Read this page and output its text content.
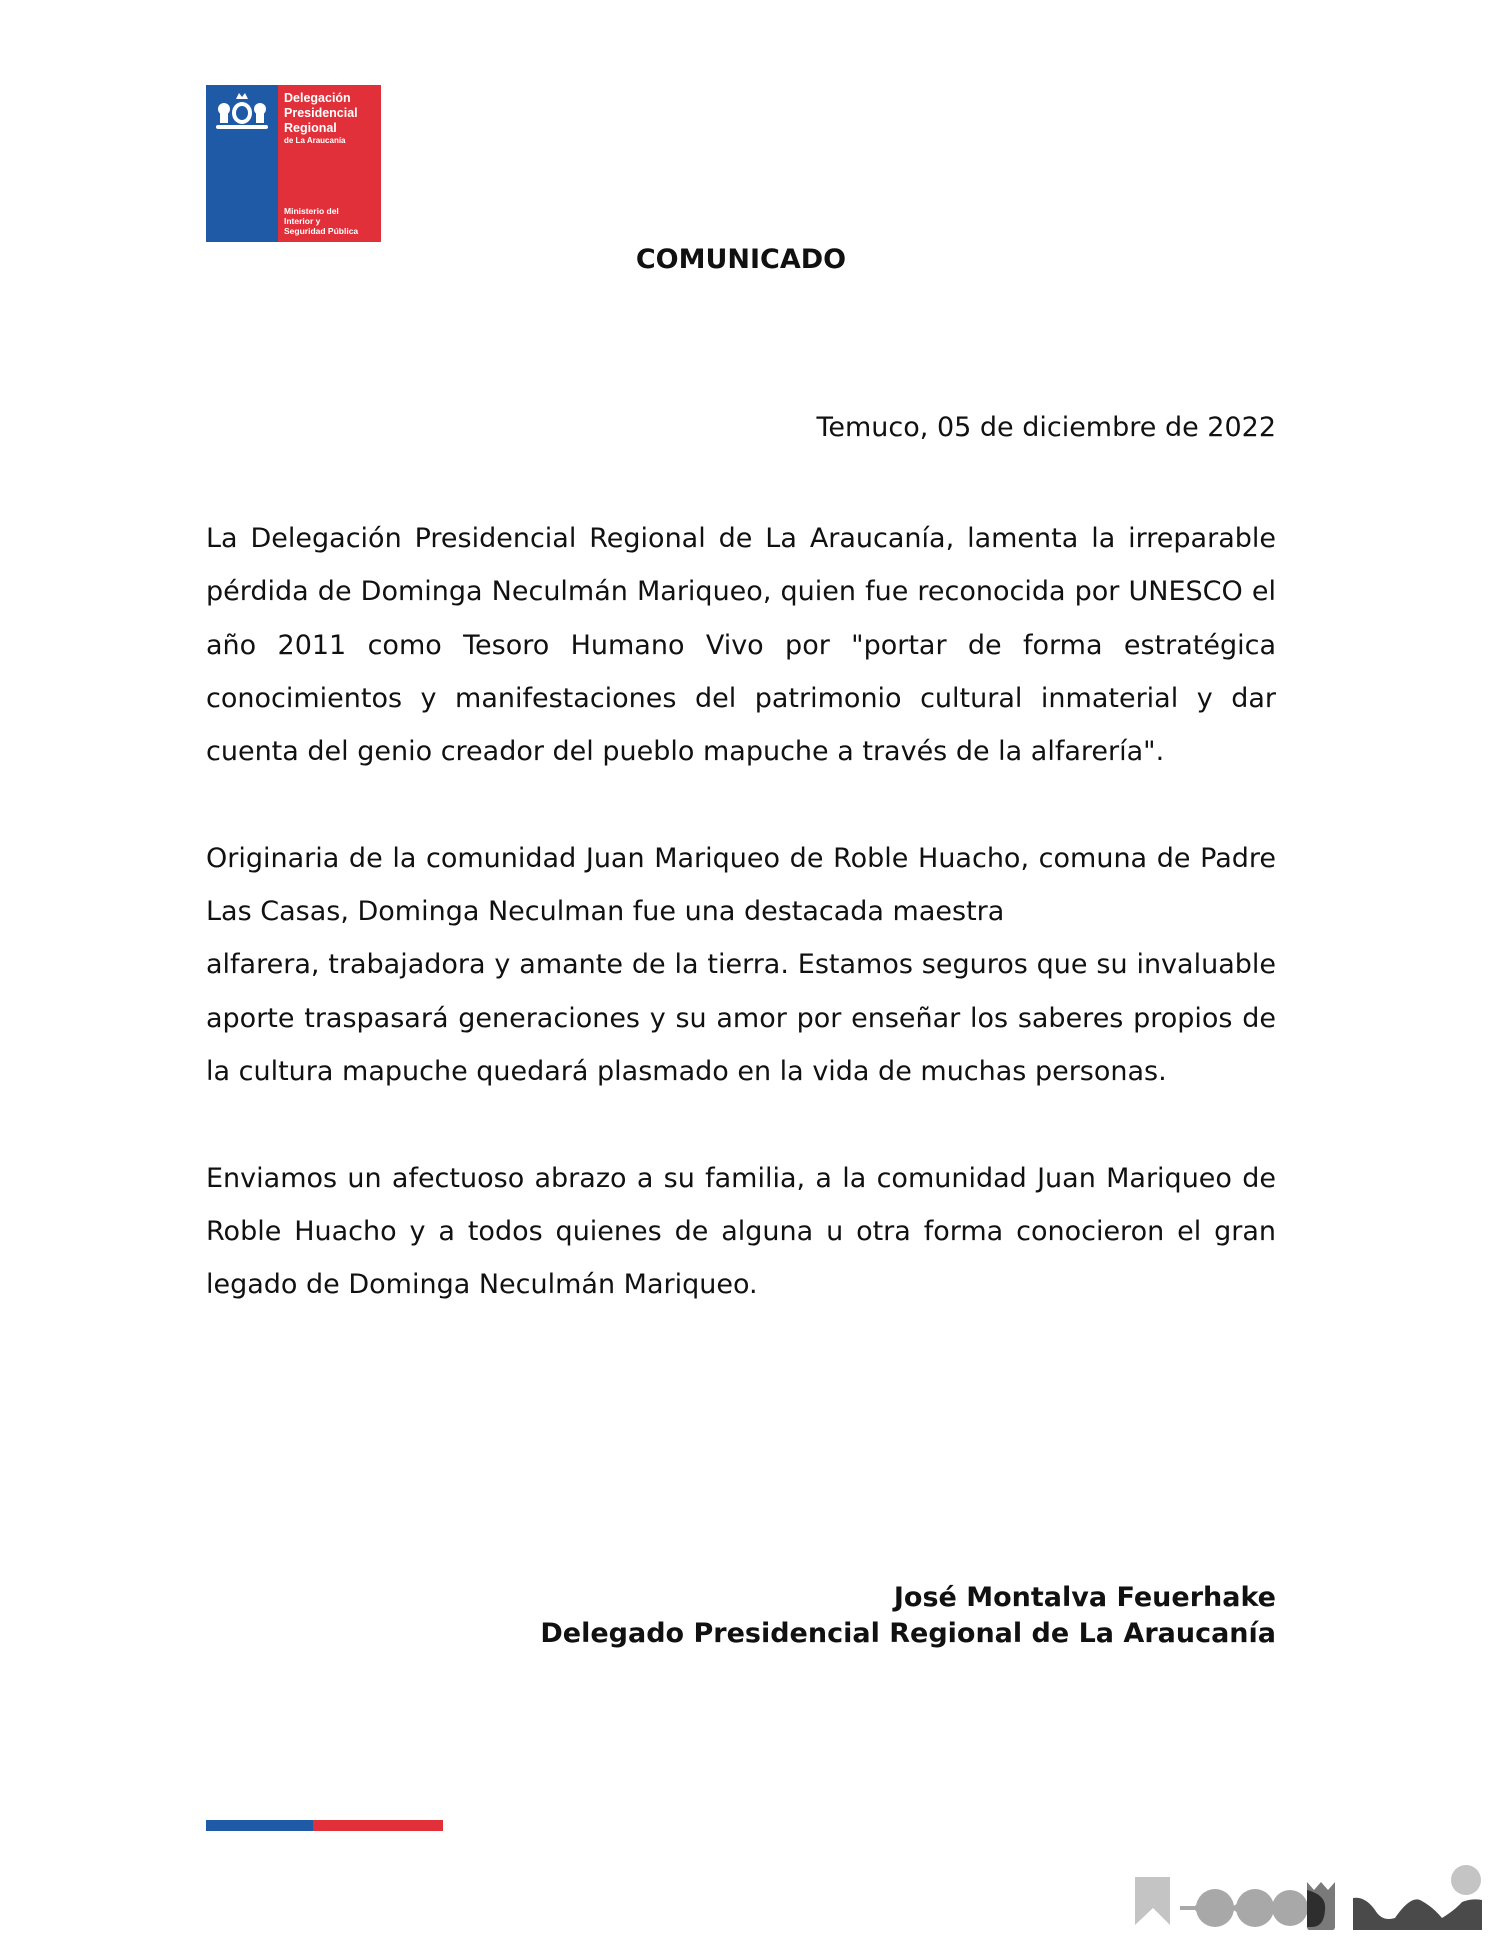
Delegación
Presidencial
Regional
de La Araucanía
Ministerio del
Interior y
Seguridad Pública
COMUNICADO
Temuco, 05 de diciembre de 2022

La Delegación Presidencial Regional de La Araucanía, lamenta la irreparable pérdida de Dominga Neculmán Mariqueo, quien fue reconocida por UNESCO el año 2011 como Tesoro Humano Vivo por "portar de forma estratégica conocimientos y manifestaciones del patrimonio cultural inmaterial y dar cuenta del genio creador del pueblo mapuche a través de la alfarería".

Originaria de la comunidad Juan Mariqueo de Roble Huacho, comuna de Padre Las Casas, Dominga Neculman fue una destacada maestra

alfarera, trabajadora y amante de la tierra. Estamos seguros que su invaluable aporte traspasará generaciones y su amor por enseñar los saberes propios de la cultura mapuche quedará plasmado en la vida de muchas personas.

Enviamos un afectuoso abrazo a su familia, a la comunidad Juan Mariqueo de Roble Huacho y a todos quienes de alguna u otra forma conocieron el gran legado de Dominga Neculmán Mariqueo.

José Montalva Feuerhake
Delegado Presidencial Regional de La Araucanía
